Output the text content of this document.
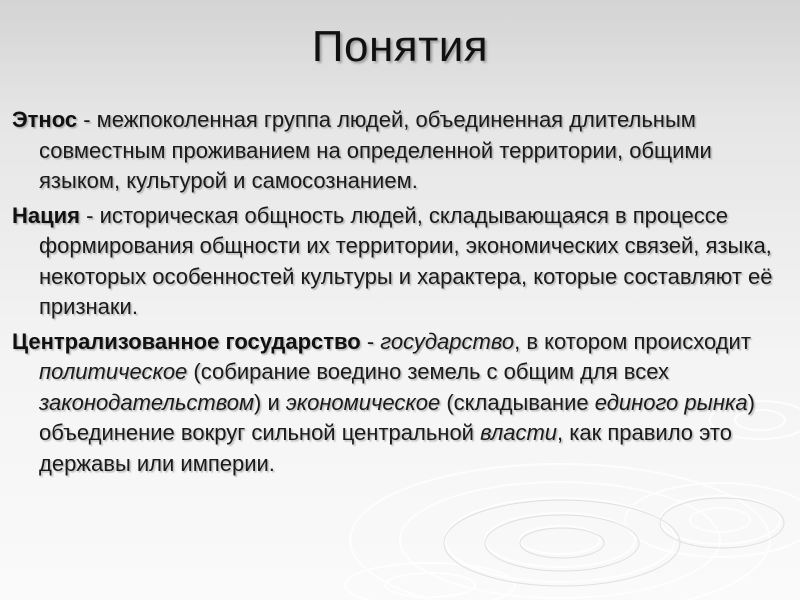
Понятия

Этнос - межпоколенная группа людей, объединенная длительным совместным проживанием на определенной территории, общими языком, культурой и самосознанием.

Нация - историческая общность людей, складывающаяся в процессе формирования общности их территории, экономических связей, языка, некоторых особенностей культуры и характера, которые составляют её признаки.

Централизованное государство - государство, в котором происходит политическое (собирание воедино земель с общим для всех законодательством) и экономическое (складывание единого рынка) объединение вокруг сильной центральной власти, как правило это державы или империи.
